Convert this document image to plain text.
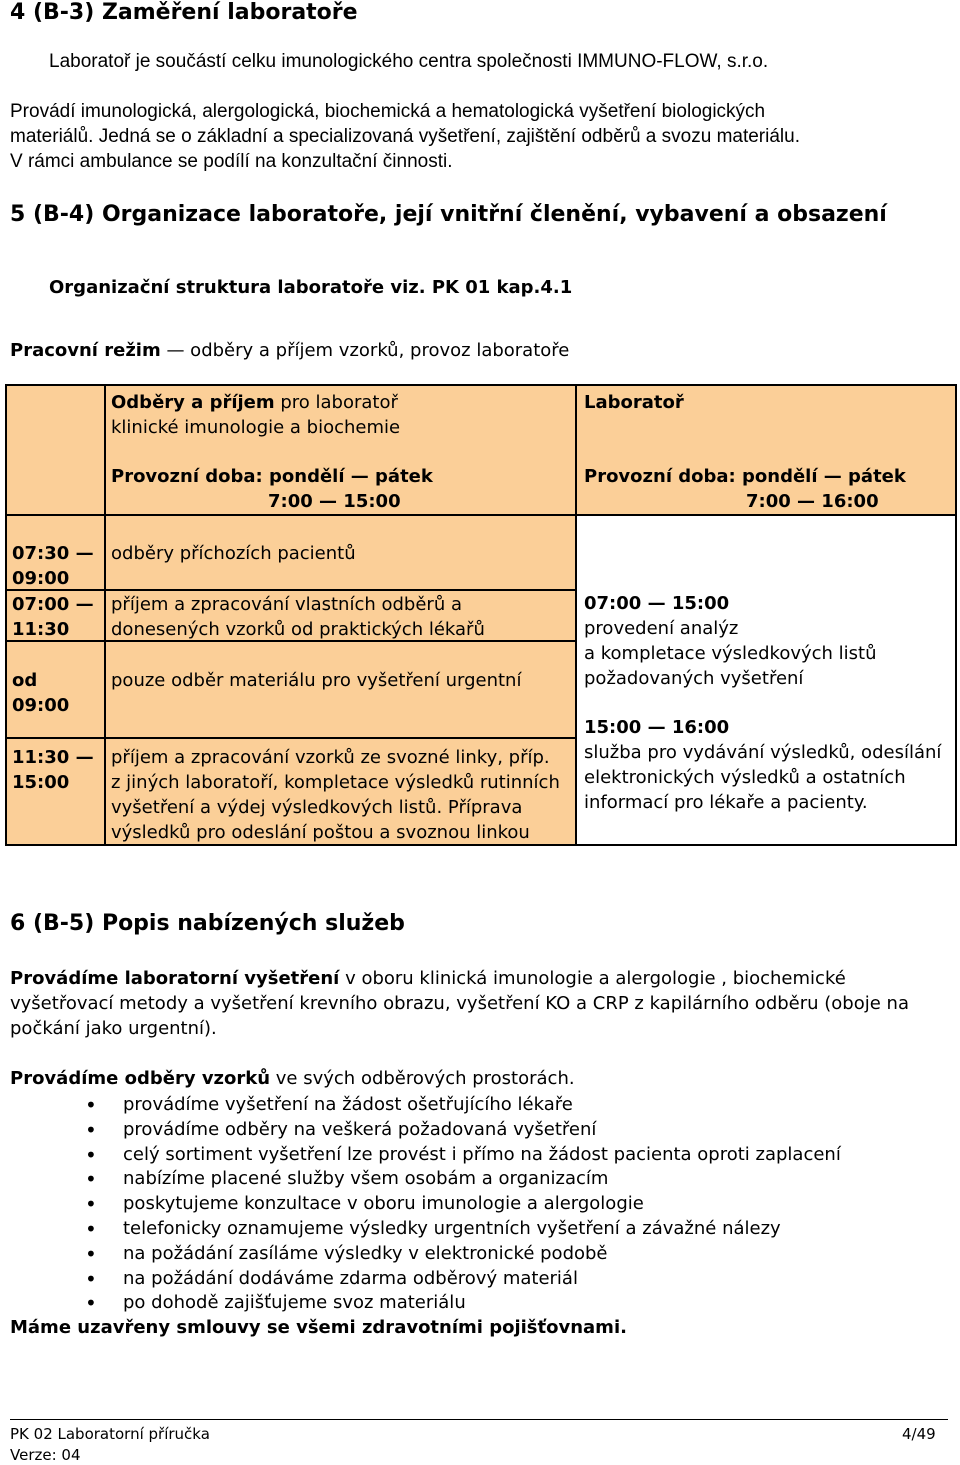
4 (B-3) Zaměření laboratoře
Laboratoř je součástí celku imunologického centra společnosti IMMUNO-FLOW, s.r.o.
Provádí imunologická, alergologická, biochemická a hematologická vyšetření biologických
materiálů. Jedná se o základní a specializovaná vyšetření, zajištění odběrů a svozu materiálu.
V rámci ambulance se podílí na konzultační činnosti.
5 (B-4) Organizace laboratoře, její vnitřní členění, vybavení a obsazení
Organizační struktura laboratoře viz. PK 01 kap.4.1
Pracovní režim — odběry a příjem vzorků, provoz laboratoře
Odběry a příjem pro laboratoř
klinické imunologie a biochemie
Provozní doba: pondělí — pátek
7:00 — 15:00
Laboratoř
Provozní doba: pondělí — pátek
7:00 — 16:00
07:30 —
09:00
07:00 —
11:30
od
09:00
11:30 —
15:00
odběry příchozích pacientů
příjem a zpracování vlastních odběrů a
donesených vzorků od praktických lékařů
pouze odběr materiálu pro vyšetření urgentní
příjem a zpracování vzorků ze svozné linky, příp.
z jiných laboratoří, kompletace výsledků rutinních
vyšetření a výdej výsledkových listů. Příprava
výsledků pro odeslání poštou a svoznou linkou
07:00 — 15:00
provedení analýz
a kompletace výsledkových listů
požadovaných vyšetření
15:00 — 16:00
služba pro vydávání výsledků, odesílání
elektronických výsledků a ostatních
informací pro lékaře a pacienty.
6 (B-5) Popis nabízených služeb
Provádíme laboratorní vyšetření v oboru klinická imunologie a alergologie , biochemické
vyšetřovací metody a vyšetření krevního obrazu, vyšetření KO a CRP z kapilárního odběru (oboje na
počkání jako urgentní).
Provádíme odběry vzorků ve svých odběrových prostorách.
• provádíme vyšetření na žádost ošetřujícího lékaře
• provádíme odběry na veškerá požadovaná vyšetření
• celý sortiment vyšetření lze provést i přímo na žádost pacienta oproti zaplacení
• nabízíme placené služby všem osobám a organizacím
• poskytujeme konzultace v oboru imunologie a alergologie
• telefonicky oznamujeme výsledky urgentních vyšetření a závažné nálezy
• na požádání zasíláme výsledky v elektronické podobě
• na požádání dodáváme zdarma odběrový materiál
• po dohodě zajišťujeme svoz materiálu
Máme uzavřeny smlouvy se všemi zdravotními pojišťovnami.
PK 02 Laboratorní příručka
Verze: 04
4/49
